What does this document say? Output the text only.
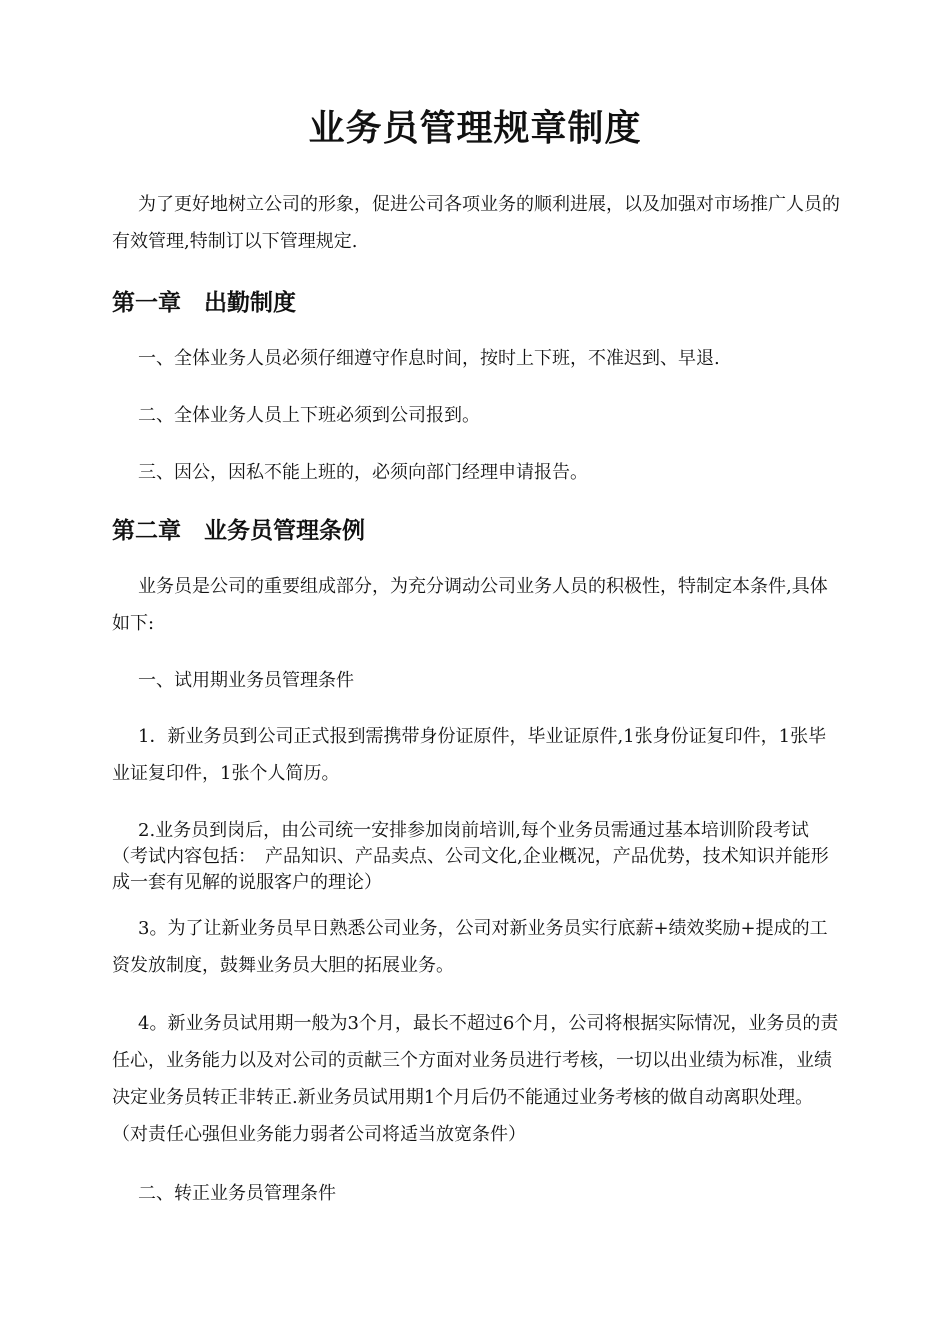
业务员管理规章制度

为了更好地树立公司的形象，促进公司各项业务的顺利进展，以及加强对市场推广人员的有效管理,特制订以下管理规定.

第一章　出勤制度

一、全体业务人员必须仔细遵守作息时间，按时上下班，不准迟到、早退.

二、全体业务人员上下班必须到公司报到。

三、因公，因私不能上班的，必须向部门经理申请报告。

第二章　业务员管理条例

业务员是公司的重要组成部分，为充分调动公司业务人员的积极性，特制定本条件,具体如下:

一、试用期业务员管理条件

1．新业务员到公司正式报到需携带身份证原件，毕业证原件,1张身份证复印件，1张毕业证复印件，1张个人简历。

2.业务员到岗后，由公司统一安排参加岗前培训,每个业务员需通过基本培训阶段考试（考试内容包括：　产品知识、产品卖点、公司文化,企业概况，产品优势，技术知识并能形成一套有见解的说服客户的理论）

3。为了让新业务员早日熟悉公司业务，公司对新业务员实行底薪+绩效奖励+提成的工资发放制度，鼓舞业务员大胆的拓展业务。

4。新业务员试用期一般为3个月，最长不超过6个月，公司将根据实际情况，业务员的责任心，业务能力以及对公司的贡献三个方面对业务员进行考核，一切以出业绩为标准，业绩决定业务员转正非转正.新业务员试用期1个月后仍不能通过业务考核的做自动离职处理。（对责任心强但业务能力弱者公司将适当放宽条件）

二、转正业务员管理条件
